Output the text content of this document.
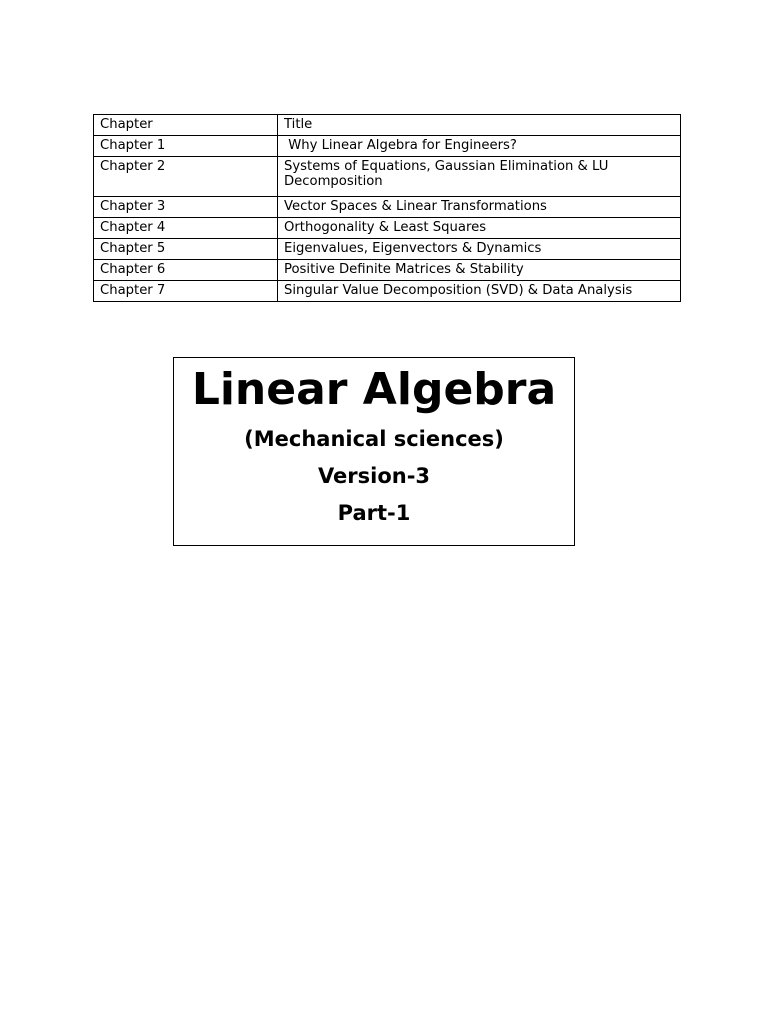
Chapter	Title
Chapter 1	Why Linear Algebra for Engineers?
Chapter 2	Systems of Equations, Gaussian Elimination & LU Decomposition
Chapter 3	Vector Spaces & Linear Transformations
Chapter 4	Orthogonality & Least Squares
Chapter 5	Eigenvalues, Eigenvectors & Dynamics
Chapter 6	Positive Definite Matrices & Stability
Chapter 7	Singular Value Decomposition (SVD) & Data Analysis
Linear Algebra
(Mechanical sciences)
Version-3
Part-1
